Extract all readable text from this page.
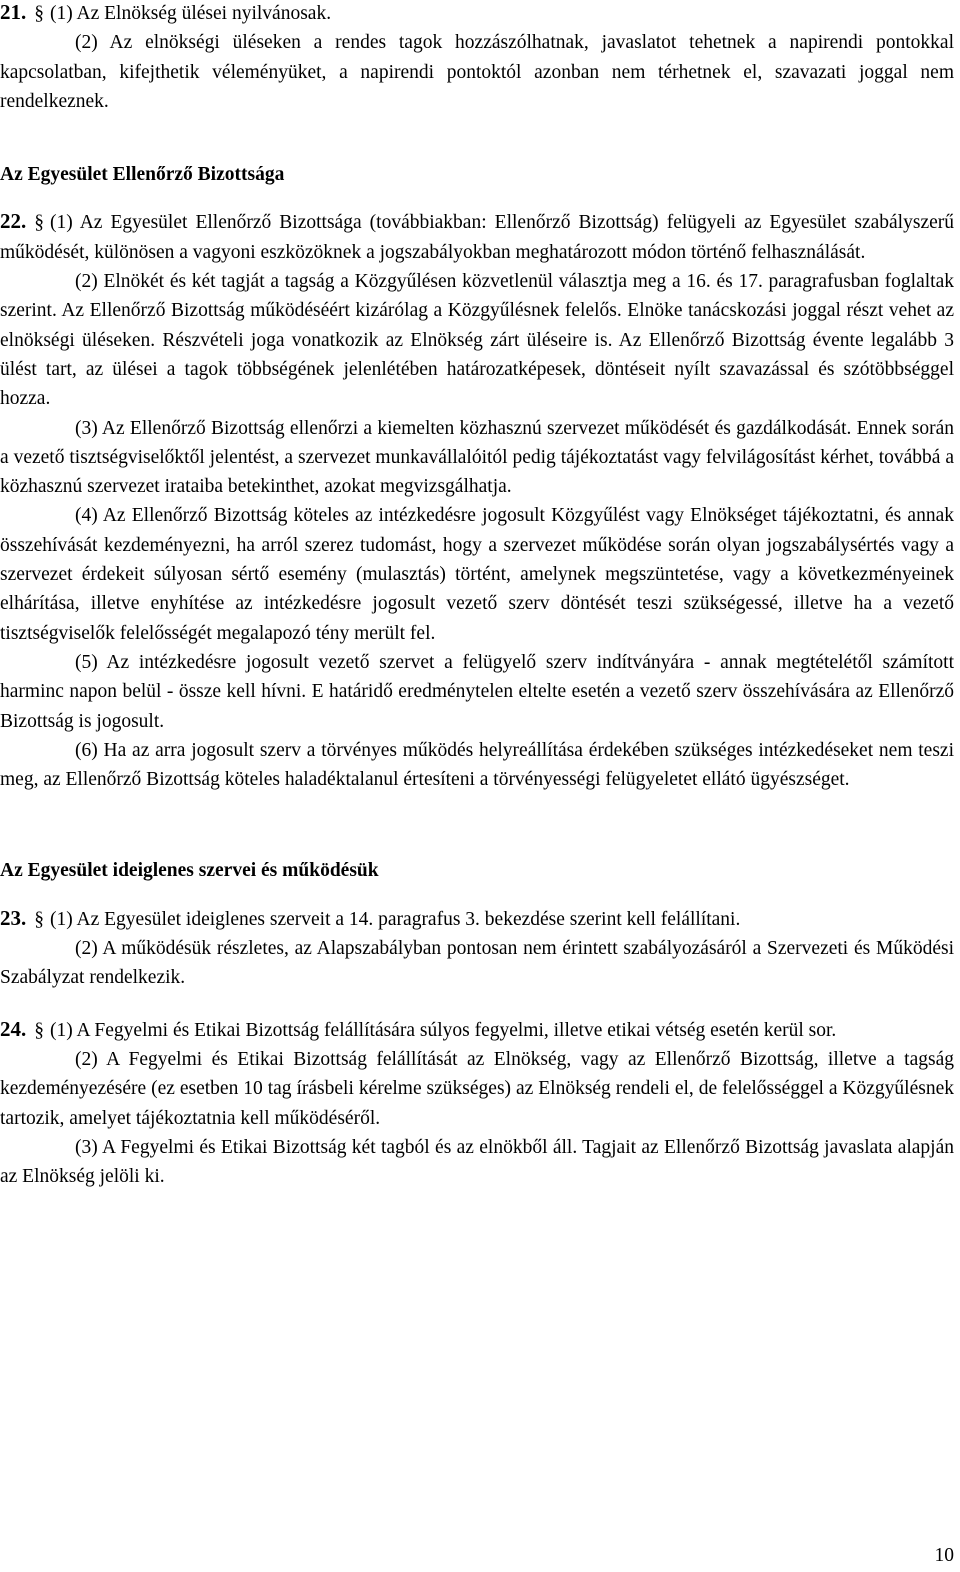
21. § (1) Az Elnökség ülései nyilvánosak.

(2) Az elnökségi üléseken a rendes tagok hozzászólhatnak, javaslatot tehetnek a napirendi pontokkal kapcsolatban, kifejthetik véleményüket, a napirendi pontoktól azonban nem térhetnek el, szavazati joggal nem rendelkeznek.

Az Egyesület Ellenőrző Bizottsága

22. § (1) Az Egyesület Ellenőrző Bizottsága (továbbiakban: Ellenőrző Bizottság) felügyeli az Egyesület szabályszerű működését, különösen a vagyoni eszközöknek a jogszabályokban meghatározott módon történő felhasználását.

(2) Elnökét és két tagját a tagság a Közgyűlésen közvetlenül választja meg a 16. és 17. paragrafusban foglaltak szerint. Az Ellenőrző Bizottság működéséért kizárólag a Közgyűlésnek felelős. Elnöke tanácskozási joggal részt vehet az elnökségi üléseken. Részvételi joga vonatkozik az Elnökség zárt üléseire is. Az Ellenőrző Bizottság évente legalább 3 ülést tart, az ülései a tagok többségének jelenlétében határozatképesek, döntéseit nyílt szavazással és szótöbbséggel hozza.

(3) Az Ellenőrző Bizottság ellenőrzi a kiemelten közhasznú szervezet működését és gazdálkodását. Ennek során a vezető tisztségviselőktől jelentést, a szervezet munkavállalóitól pedig tájékoztatást vagy felvilágosítást kérhet, továbbá a közhasznú szervezet irataiba betekinthet, azokat megvizsgálhatja.

(4) Az Ellenőrző Bizottság köteles az intézkedésre jogosult Közgyűlést vagy Elnökséget tájékoztatni, és annak összehívását kezdeményezni, ha arról szerez tudomást, hogy a szervezet működése során olyan jogszabálysértés vagy a szervezet érdekeit súlyosan sértő esemény (mulasztás) történt, amelynek megszüntetése, vagy a következményeinek elhárítása, illetve enyhítése az intézkedésre jogosult vezető szerv döntését teszi szükségessé, illetve ha a vezető tisztségviselők felelősségét megalapozó tény merült fel.

(5) Az intézkedésre jogosult vezető szervet a felügyelő szerv indítványára - annak megtételétől számított harminc napon belül - össze kell hívni. E határidő eredménytelen eltelte esetén a vezető szerv összehívására az Ellenőrző Bizottság is jogosult.

(6) Ha az arra jogosult szerv a törvényes működés helyreállítása érdekében szükséges intézkedéseket nem teszi meg, az Ellenőrző Bizottság köteles haladéktalanul értesíteni a törvényességi felügyeletet ellátó ügyészséget.

Az Egyesület ideiglenes szervei és működésük

23. § (1) Az Egyesület ideiglenes szerveit a 14. paragrafus 3. bekezdése szerint kell felállítani.

(2) A működésük részletes, az Alapszabályban pontosan nem érintett szabályozásáról a Szervezeti és Működési Szabályzat rendelkezik.

24. § (1) A Fegyelmi és Etikai Bizottság felállítására súlyos fegyelmi, illetve etikai vétség esetén kerül sor.

(2) A Fegyelmi és Etikai Bizottság felállítását az Elnökség, vagy az Ellenőrző Bizottság, illetve a tagság kezdeményezésére (ez esetben 10 tag írásbeli kérelme szükséges) az Elnökség rendeli el, de felelősséggel a Közgyűlésnek tartozik, amelyet tájékoztatnia kell működéséről.

(3) A Fegyelmi és Etikai Bizottság két tagból és az elnökből áll. Tagjait az Ellenőrző Bizottság javaslata alapján az Elnökség jelöli ki.

10
